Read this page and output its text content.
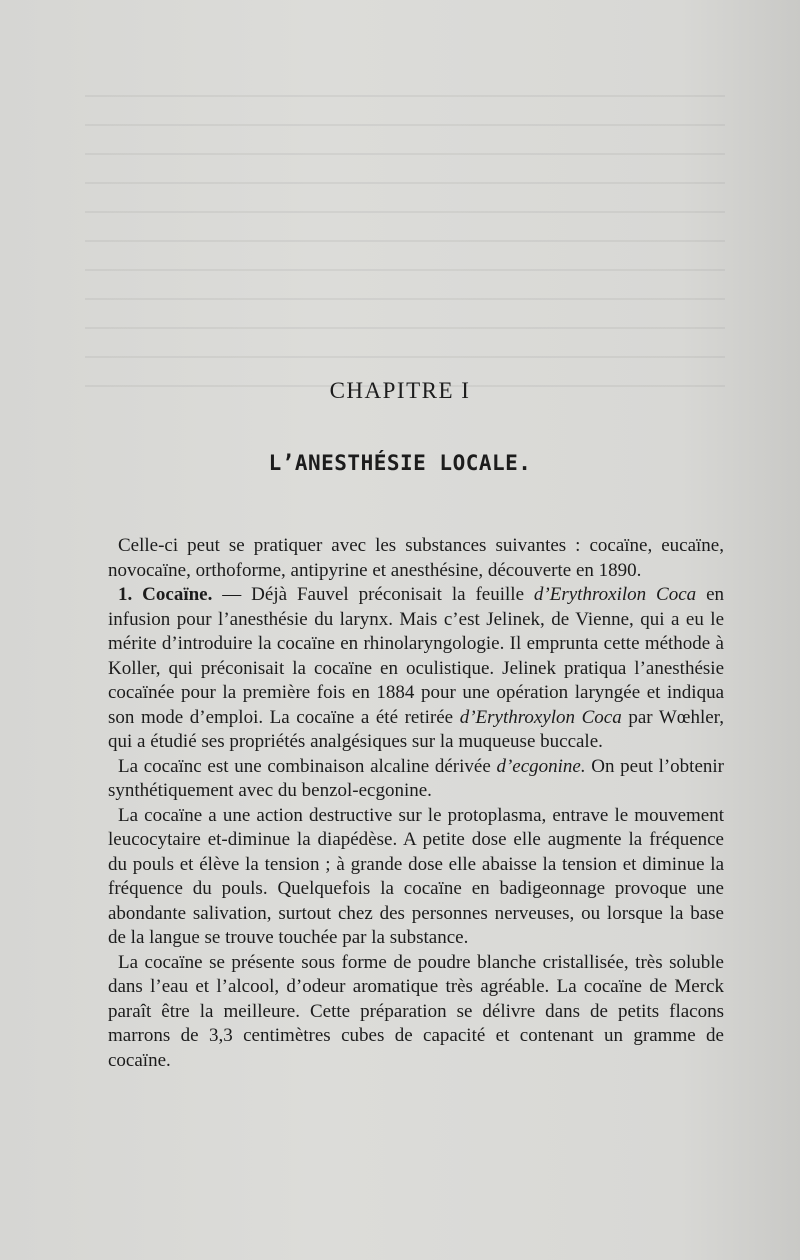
CHAPITRE I
L’ANESTHÉSIE LOCALE.

Celle-ci peut se pratiquer avec les substances suivantes : cocaïne, eucaïne, novocaïne, orthoforme, antipyrine et anesthésine, découverte en 1890.

1. Cocaïne. — Déjà Fauvel préconisait la feuille d’Erythroxilon Coca en infusion pour l’anesthésie du larynx. Mais c’est Jelinek, de Vienne, qui a eu le mérite d’introduire la cocaïne en rhinolaryngologie. Il emprunta cette méthode à Koller, qui préconisait la cocaïne en oculistique. Jelinek pratiqua l’anesthésie cocaïnée pour la première fois en 1884 pour une opération laryngée et indiqua son mode d’emploi. La cocaïne a été retirée d’Erythroxylon Coca par Wœhler, qui a étudié ses propriétés analgésiques sur la muqueuse buccale.

La cocaïnc est une combinaison alcaline dérivée d’ecgonine. On peut l’obtenir synthétiquement avec du benzol-ecgonine.

La cocaïne a une action destructive sur le protoplasma, entrave le mouvement leucocytaire et-diminue la diapédèse. A petite dose elle augmente la fréquence du pouls et élève la tension ; à grande dose elle abaisse la tension et diminue la fréquence du pouls. Quelquefois la cocaïne en badigeonnage provoque une abondante salivation, surtout chez des personnes nerveuses, ou lorsque la base de la langue se trouve touchée par la substance.

La cocaïne se présente sous forme de poudre blanche cristallisée, très soluble dans l’eau et l’alcool, d’odeur aromatique très agréable. La cocaïne de Merck paraît être la meilleure. Cette préparation se délivre dans de petits flacons marrons de 3,3 centimètres cubes de capacité et contenant un gramme de cocaïne.
